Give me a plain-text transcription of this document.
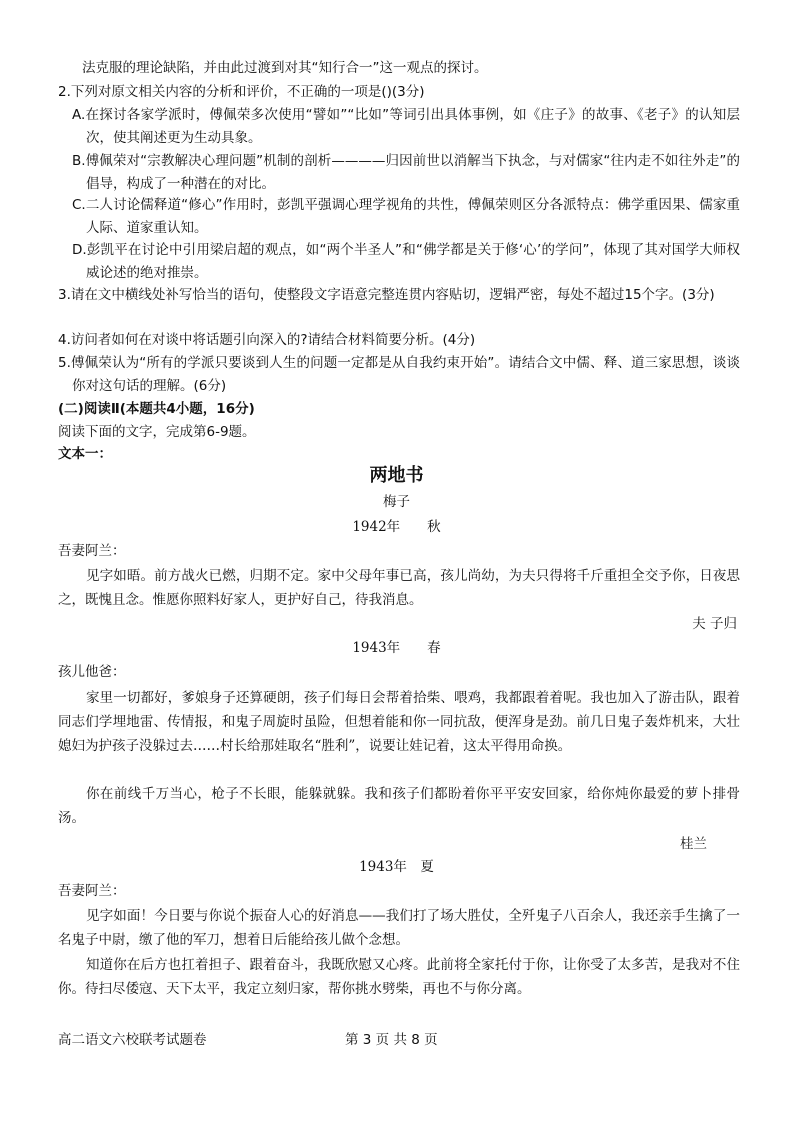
法克服的理论缺陷，并由此过渡到对其“知行合一”这一观点的探讨。
2.下列对原文相关内容的分析和评价，不正确的一项是()(3分)
A.在探讨各家学派时，傅佩荣多次使用“譬如”“比如”等词引出具体事例，如《庄子》的故事、《老子》的认知层次，使其阐述更为生动具象。
B.傅佩荣对“宗教解决心理问题”机制的剖析————归因前世以消解当下执念，与对儒家“往内走不如往外走”的倡导，构成了一种潜在的对比。
C.二人讨论儒释道“修心”作用时，彭凯平强调心理学视角的共性，傅佩荣则区分各派特点：佛学重因果、儒家重人际、道家重认知。
D.彭凯平在讨论中引用梁启超的观点，如“两个半圣人”和“佛学都是关于修‘心’的学问”，体现了其对国学大师权威论述的绝对推崇。
3.请在文中横线处补写恰当的语句，使整段文字语意完整连贯内容贴切，逻辑严密，每处不超过15个字。(3分)
4.访问者如何在对谈中将话题引向深入的?请结合材料简要分析。(4分)
5.傅佩荣认为“所有的学派只要谈到人生的问题一定都是从自我约束开始”。请结合文中儒、释、道三家思想，谈谈你对这句话的理解。(6分)
(二)阅读Ⅱ(本题共4小题，16分)
阅读下面的文字，完成第6-9题。
文本一：
两地书
梅子
1942年　　秋
吾妻阿兰：
见字如晤。前方战火已燃，归期不定。家中父母年事已高，孩儿尚幼，为夫只得将千斤重担全交予你，日夜思之，既愧且念。惟愿你照料好家人，更护好自己，待我消息。
夫 子归
1943年　　春
孩儿他爸：
家里一切都好，爹娘身子还算硬朗，孩子们每日会帮着拾柴、喂鸡，我都跟着着呢。我也加入了游击队，跟着同志们学埋地雷、传情报，和鬼子周旋时虽险，但想着能和你一同抗敌，便浑身是劲。前几日鬼子轰炸机来，大壮媳妇为护孩子没躲过去……村长给那娃取名“胜利”，说要让娃记着，这太平得用命换。
你在前线千万当心，枪子不长眼，能躲就躲。我和孩子们都盼着你平平安安回家，给你炖你最爱的萝卜排骨汤。
桂兰
1943年　夏
吾妻阿兰：
见字如面！今日要与你说个振奋人心的好消息——我们打了场大胜仗，全歼鬼子八百余人，我还亲手生擒了一名鬼子中尉，缴了他的军刀，想着日后能给孩儿做个念想。
知道你在后方也扛着担子、跟着奋斗，我既欣慰又心疼。此前将全家托付于你，让你受了太多苦，是我对不住你。待扫尽倭寇、天下太平，我定立刻归家，帮你挑水劈柴，再也不与你分离。
高二语文六校联考试题卷	第 3 页 共 8 页
